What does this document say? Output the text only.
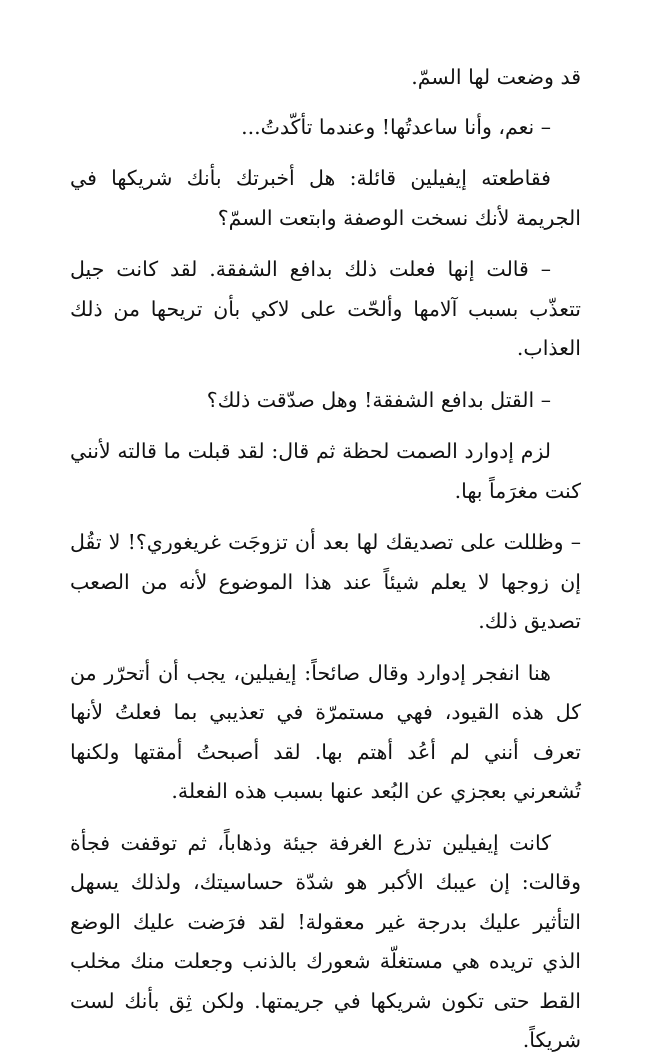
قد وضعت لها السمّ.

– نعم، وأنا ساعدتُها! وعندما تأكّدتُ...

فقاطعته إيفيلين قائلة: هل أخبرتك بأنك شريكها في الجريمة لأنك نسخت الوصفة وابتعت السمّ؟

– قالت إنها فعلت ذلك بدافع الشفقة. لقد كانت جيل تتعذّب بسبب آلامها وألحّت على لاكي بأن تريحها من ذلك العذاب.

– القتل بدافع الشفقة! وهل صدّقت ذلك؟

لزم إدوارد الصمت لحظة ثم قال: لقد قبلت ما قالته لأنني كنت مغرَماً بها.

– وظللت على تصديقك لها بعد أن تزوجَت غريغوري؟! لا تقُل إن زوجها لا يعلم شيئاً عند هذا الموضوع لأنه من الصعب تصديق ذلك.

هنا انفجر إدوارد وقال صائحاً: إيفيلين، يجب أن أتحرّر من كل هذه القيود، فهي مستمرّة في تعذيبي بما فعلتُ لأنها تعرف أنني لم أعُد أهتم بها. لقد أصبحتُ أمقتها ولكنها تُشعرني بعجزي عن البُعد عنها بسبب هذه الفعلة.

كانت إيفيلين تذرع الغرفة جيئة وذهاباً، ثم توقفت فجأة وقالت: إن عيبك الأكبر هو شدّة حساسيتك، ولذلك يسهل التأثير عليك بدرجة غير معقولة! لقد فرَضت عليك الوضع الذي تريده هي مستغلّة شعورك بالذنب وجعلت منك مخلب القط حتى تكون شريكها في جريمتها. ولكن ثِق بأنك لست شريكاً.
